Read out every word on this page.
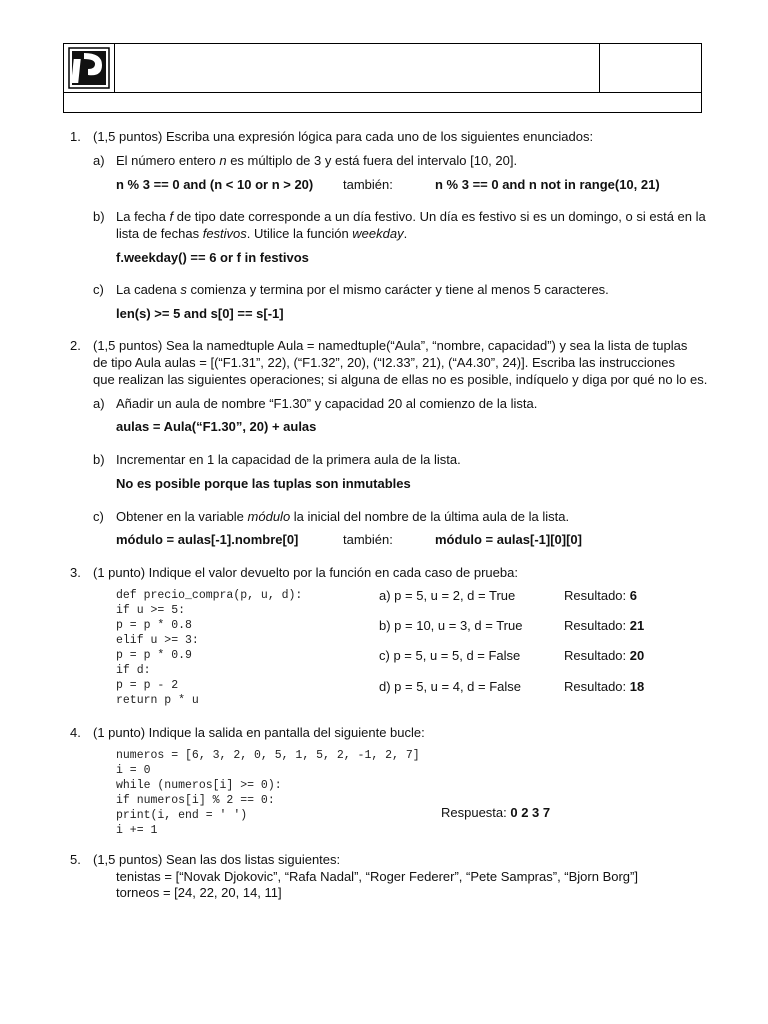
1. (1,5 puntos) Escriba una expresión lógica para cada uno de los siguientes enunciados:
a) El número entero n es múltiplo de 3 y está fuera del intervalo [10, 20].
n % 3 == 0 and (n < 10 or n > 20) también:	n % 3 == 0 and n not in range(10, 21)
b) La fecha f de tipo date corresponde a un día festivo. Un día es festivo si es un domingo, o si está en la
lista de fechas festivos. Utilice la función weekday.
f.weekday() == 6 or f in festivos
c) La cadena s comienza y termina por el mismo carácter y tiene al menos 5 caracteres.
len(s) >= 5 and s[0] == s[-1]
2. (1,5 puntos) Sea la namedtuple Aula = namedtuple(“Aula”, “nombre, capacidad”) y sea la lista de tuplas
de tipo Aula aulas = [(“F1.31”, 22), (“F1.32”, 20), (“I2.33”, 21), (“A4.30”, 24)]. Escriba las instrucciones
que realizan las siguientes operaciones; si alguna de ellas no es posible, indíquelo y diga por qué no lo es.
a) Añadir un aula de nombre “F1.30” y capacidad 20 al comienzo de la lista.
aulas = Aula(“F1.30”, 20) + aulas
b) Incrementar en 1 la capacidad de la primera aula de la lista.
No es posible porque las tuplas son inmutables
c) Obtener en la variable módulo la inicial del nombre de la última aula de la lista.
módulo = aulas[-1].nombre[0]	también:	módulo = aulas[-1][0][0]
3. (1 punto) Indique el valor devuelto por la función en cada caso de prueba:
def precio_compra(p, u, d):
if u >= 5:
p = p * 0.8
elif u >= 3:
p = p * 0.9
if d:
p = p - 2
return p * u
a) p = 5, u = 2, d = True	Resultado: 6
b) p = 10, u = 3, d = True	Resultado: 21
c) p = 5, u = 5, d = False	Resultado: 20
d) p = 5, u = 4, d = False	Resultado: 18
4. (1 punto) Indique la salida en pantalla del siguiente bucle:
numeros = [6, 3, 2, 0, 5, 1, 5, 2, -1, 2, 7]
i = 0
while (numeros[i] >= 0):
if numeros[i] % 2 == 0:
print(i, end = ' ')
i += 1
Respuesta: 0 2 3 7
5. (1,5 puntos) Sean las dos listas siguientes:
tenistas = [“Novak Djokovic”, “Rafa Nadal”, “Roger Federer”, “Pete Sampras”, “Bjorn Borg”]
torneos = [24, 22, 20, 14, 11]
